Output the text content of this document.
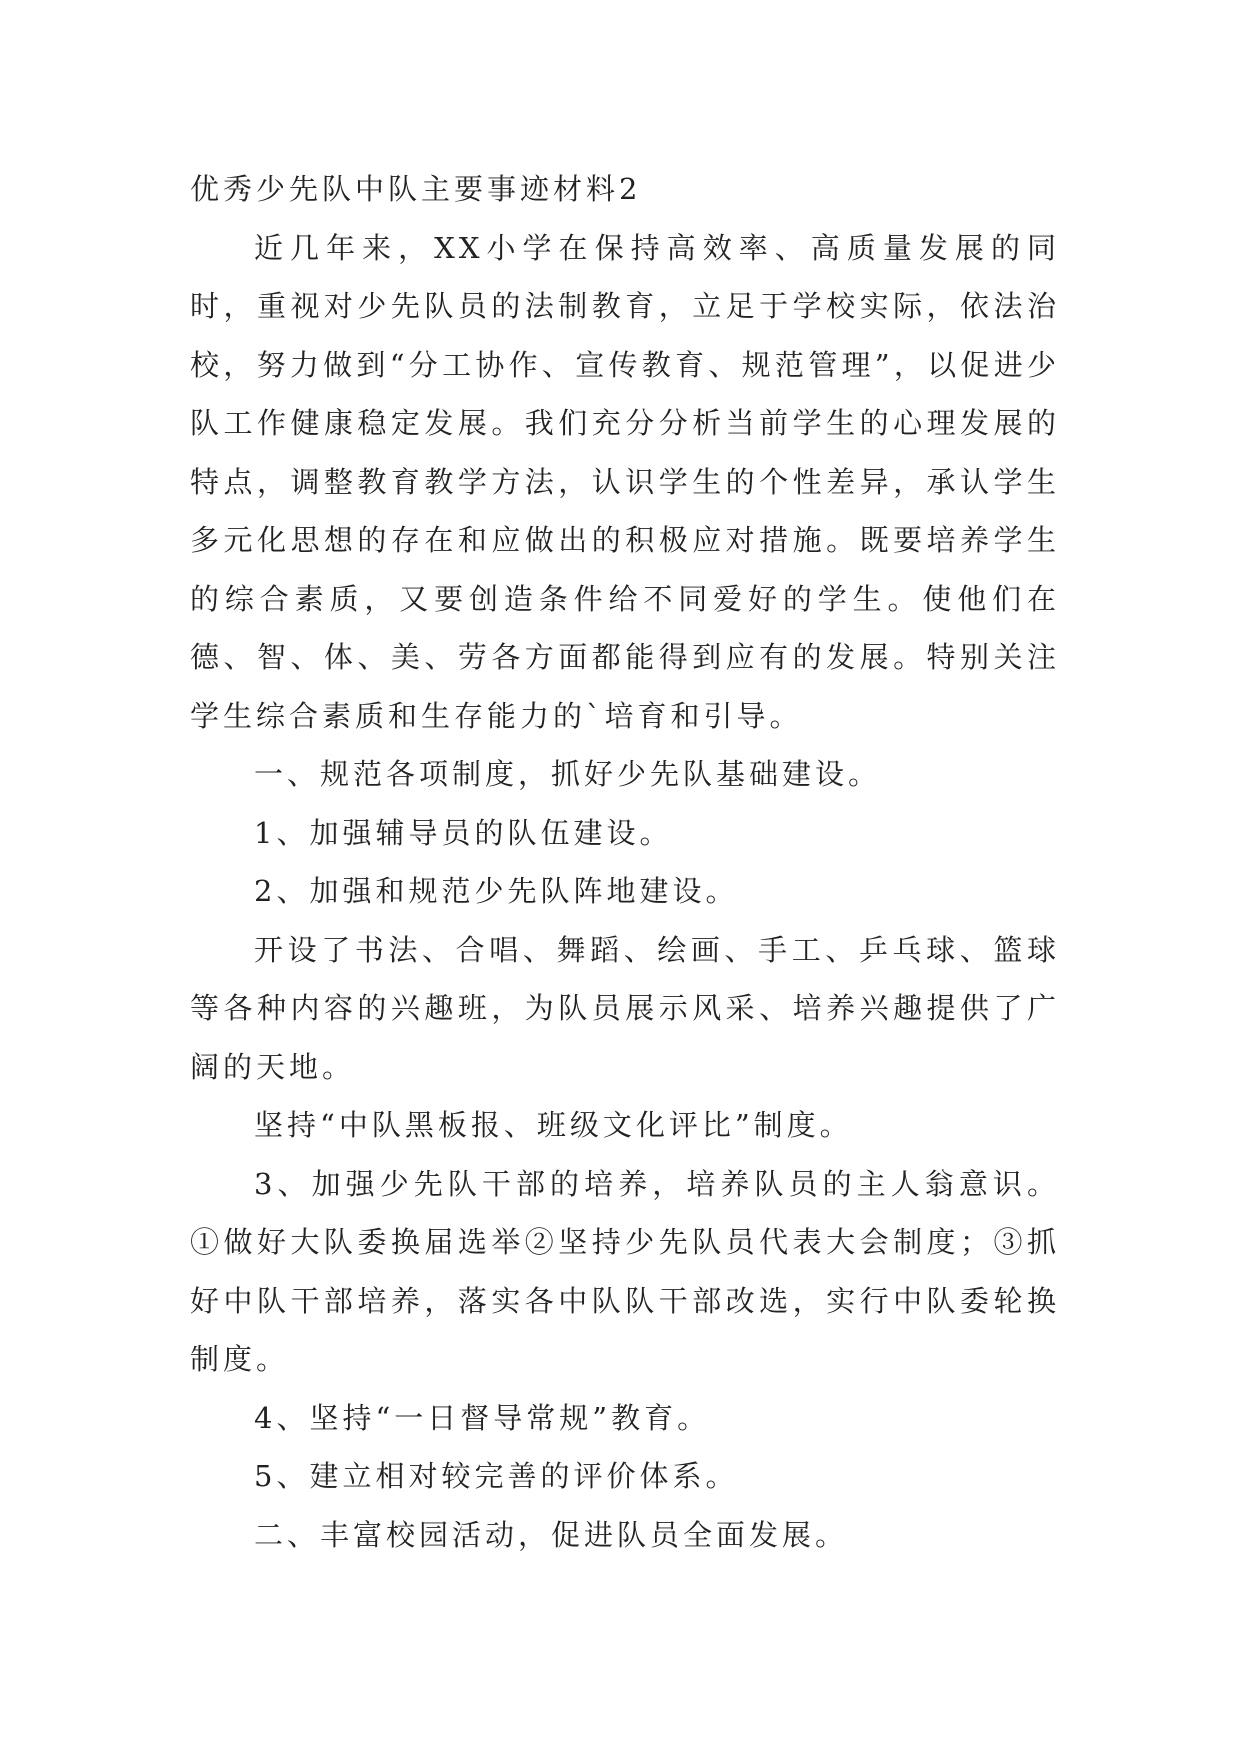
优秀少先队中队主要事迹材料2

近几年来，XX小学在保持高效率、高质量发展的同时，重视对少先队员的法制教育，立足于学校实际，依法治校，努力做到“分工协作、宣传教育、规范管理”，以促进少队工作健康稳定发展。我们充分分析当前学生的心理发展的特点，调整教育教学方法，认识学生的个性差异，承认学生多元化思想的存在和应做出的积极应对措施。既要培养学生的综合素质，又要创造条件给不同爱好的学生。使他们在德、智、体、美、劳各方面都能得到应有的发展。特别关注学生综合素质和生存能力的`培育和引导。

一、规范各项制度，抓好少先队基础建设。

1、加强辅导员的队伍建设。

2、加强和规范少先队阵地建设。

开设了书法、合唱、舞蹈、绘画、手工、乒乓球、篮球等各种内容的兴趣班，为队员展示风采、培养兴趣提供了广阔的天地。

坚持“中队黑板报、班级文化评比”制度。

3、加强少先队干部的培养，培养队员的主人翁意识。①做好大队委换届选举②坚持少先队员代表大会制度；③抓好中队干部培养，落实各中队队干部改选，实行中队委轮换制度。

4、坚持“一日督导常规”教育。

5、建立相对较完善的评价体系。

二、丰富校园活动，促进队员全面发展。
